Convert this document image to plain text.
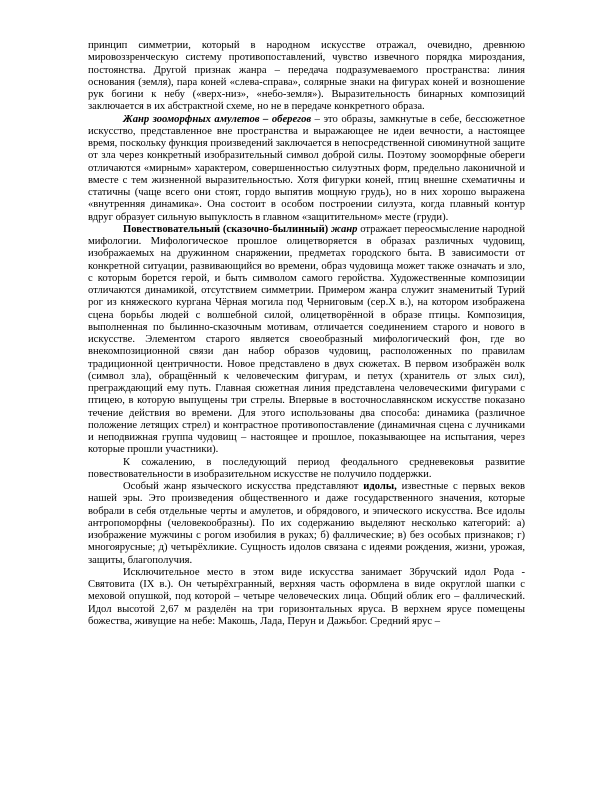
принцип симметрии, который в народном искусстве отражал, очевидно, древнюю мировоззренческую систему противопоставлений, чувство извечного порядка мироздания, постоянства. Другой признак жанра – передача подразумеваемого пространства: линия основания (земля), пара коней «слева-справа», солярные знаки на фигурах коней и возношение рук богини к небу («верх-низ», «небо-земля»). Выразительность бинарных композиций заключается в их абстрактной схеме, но не в передаче конкретного образа.

Жанр зооморфных амулетов – оберегов – это образы, замкнутые в себе, бессюжетное искусство, представленное вне пространства и выражающее не идеи вечности, а настоящее время, поскольку функция произведений заключается в непосредственной сиюминутной защите от зла через конкретный изобразительный символ доброй силы. Поэтому зооморфные обереги отличаются «мирным» характером, совершенностью силуэтных форм, предельно лаконичной и вместе с тем жизненной выразительностью. Хотя фигурки коней, птиц внешне схематичны и статичны (чаще всего они стоят, гордо выпятив мощную грудь), но в них хорошо выражена «внутренняя динамика». Она состоит в особом построении силуэта, когда плавный контур вдруг образует сильную выпуклость в главном «защитительном» месте (груди).

Повествовательный (сказочно-былинный) жанр отражает переосмысление народной мифологии. Мифологическое прошлое олицетворяется в образах различных чудовищ, изображаемых на дружинном снаряжении, предметах городского быта. В зависимости от конкретной ситуации, развивающийся во времени, образ чудовища может также означать и зло, с которым борется герой, и быть символом самого геройства. Художественные композиции отличаются динамикой, отсутствием симметрии. Примером жанра служит знаменитый Турий рог из княжеского кургана Чёрная могила под Черниговым (сер.X в.), на котором изображена сцена борьбы людей с волшебной силой, олицетворённой в образе птицы. Композиция, выполненная по былинно-сказочным мотивам, отличается соединением старого и нового в искусстве. Элементом старого является своеобразный мифологический фон, где во внекомпозиционной связи дан набор образов чудовищ, расположенных по правилам традиционной центричности. Новое представлено в двух сюжетах. В первом изображён волк (символ зла), обращённый к человеческим фигурам, и петух (хранитель от злых сил), преграждающий ему путь. Главная сюжетная линия представлена человеческими фигурами с птицею, в которую выпущены три стрелы. Впервые в восточнославянском искусстве показано течение действия во времени. Для этого использованы два способа: динамика (различное положение летящих стрел) и контрастное противопоставление (динамичная сцена с лучниками и неподвижная группа чудовищ – настоящее и прошлое, показывающее на испытания, через которые прошли участники).

К сожалению, в последующий период феодального средневековья развитие повествовательности в изобразительном искусстве не получило поддержки.

Особый жанр языческого искусства представляют идолы, известные с первых веков нашей эры. Это произведения общественного и даже государственного значения, которые вобрали в себя отдельные черты и амулетов, и обрядового, и эпического искусства. Все идолы антропоморфны (человекообразны). По их содержанию выделяют несколько категорий: а) изображение мужчины с рогом изобилия в руках; б) фаллические; в) без особых признаков; г) многоярусные; д) четырёхликие. Сущность идолов связана с идеями рождения, жизни, урожая, защиты, благополучия.

Исключительное место в этом виде искусства занимает Збручский идол Рода - Святовита (IX в.). Он четырёхгранный, верхняя часть оформлена в виде округлой шапки с меховой опушкой, под которой – четыре человеческих лица. Общий облик его – фаллический. Идол высотой 2,67 м разделён на три горизонтальных яруса. В верхнем ярусе помещены божества, живущие на небе: Макошь, Лада, Перун и Дажьбог. Средний ярус –
